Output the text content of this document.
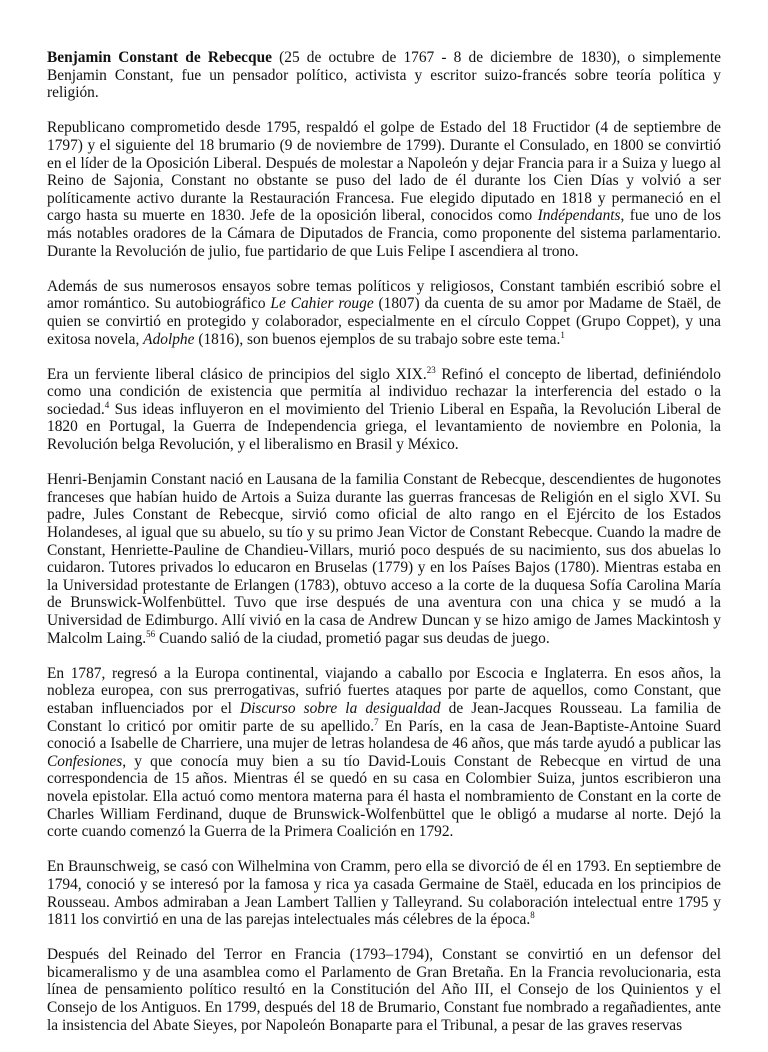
Benjamin Constant de Rebecque (25 de octubre de 1767 - 8 de diciembre de 1830), o simplemente Benjamin Constant, fue un pensador político, activista y escritor suizo-francés sobre teoría política y religión.

Republicano comprometido desde 1795, respaldó el golpe de Estado del 18 Fructidor (4 de septiembre de 1797) y el siguiente del 18 brumario (9 de noviembre de 1799). Durante el Consulado, en 1800 se convirtió en el líder de la Oposición Liberal. Después de molestar a Napoleón y dejar Francia para ir a Suiza y luego al Reino de Sajonia, Constant no obstante se puso del lado de él durante los Cien Días y volvió a ser políticamente activo durante la Restauración Francesa. Fue elegido diputado en 1818 y permaneció en el cargo hasta su muerte en 1830. Jefe de la oposición liberal, conocidos como Indépendants, fue uno de los más notables oradores de la Cámara de Diputados de Francia, como proponente del sistema parlamentario. Durante la Revolución de julio, fue partidario de que Luis Felipe I ascendiera al trono.

Además de sus numerosos ensayos sobre temas políticos y religiosos, Constant también escribió sobre el amor romántico. Su autobiográfico Le Cahier rouge (1807) da cuenta de su amor por Madame de Staël, de quien se convirtió en protegido y colaborador, especialmente en el círculo Coppet (Grupo Coppet), y una exitosa novela, Adolphe (1816), son buenos ejemplos de su trabajo sobre este tema.$^1$

Era un ferviente liberal clásico de principios del siglo XIX.$^{23}$ Refinó el concepto de libertad, definiéndolo como una condición de existencia que permitía al individuo rechazar la interferencia del estado o la sociedad.$^4$ Sus ideas influyeron en el movimiento del Trienio Liberal en España, la Revolución Liberal de 1820 en Portugal, la Guerra de Independencia griega, el levantamiento de noviembre en Polonia, la Revolución belga Revolución, y el liberalismo en Brasil y México.

Henri-Benjamin Constant nació en Lausana de la familia Constant de Rebecque, descendientes de hugonotes franceses que habían huido de Artois a Suiza durante las guerras francesas de Religión en el siglo XVI. Su padre, Jules Constant de Rebecque, sirvió como oficial de alto rango en el Ejército de los Estados Holandeses, al igual que su abuelo, su tío y su primo Jean Victor de Constant Rebecque. Cuando la madre de Constant, Henriette-Pauline de Chandieu-Villars, murió poco después de su nacimiento, sus dos abuelas lo cuidaron. Tutores privados lo educaron en Bruselas (1779) y en los Países Bajos (1780). Mientras estaba en la Universidad protestante de Erlangen (1783), obtuvo acceso a la corte de la duquesa Sofía Carolina María de Brunswick-Wolfenbüttel. Tuvo que irse después de una aventura con una chica y se mudó a la Universidad de Edimburgo. Allí vivió en la casa de Andrew Duncan y se hizo amigo de James Mackintosh y Malcolm Laing.$^{56}$ Cuando salió de la ciudad, prometió pagar sus deudas de juego.

En 1787, regresó a la Europa continental, viajando a caballo por Escocia e Inglaterra. En esos años, la nobleza europea, con sus prerrogativas, sufrió fuertes ataques por parte de aquellos, como Constant, que estaban influenciados por el Discurso sobre la desigualdad de Jean-Jacques Rousseau. La familia de Constant lo criticó por omitir parte de su apellido.$^7$ En París, en la casa de Jean-Baptiste-Antoine Suard conoció a Isabelle de Charriere, una mujer de letras holandesa de 46 años, que más tarde ayudó a publicar las Confesiones, y que conocía muy bien a su tío David-Louis Constant de Rebecque en virtud de una correspondencia de 15 años. Mientras él se quedó en su casa en Colombier Suiza, juntos escribieron una novela epistolar. Ella actuó como mentora materna para él hasta el nombramiento de Constant en la corte de Charles William Ferdinand, duque de Brunswick-Wolfenbüttel que le obligó a mudarse al norte. Dejó la corte cuando comenzó la Guerra de la Primera Coalición en 1792.

En Braunschweig, se casó con Wilhelmina von Cramm, pero ella se divorció de él en 1793. En septiembre de 1794, conoció y se interesó por la famosa y rica ya casada Germaine de Staël, educada en los principios de Rousseau. Ambos admiraban a Jean Lambert Tallien y Talleyrand. Su colaboración intelectual entre 1795 y 1811 los convirtió en una de las parejas intelectuales más célebres de la época.$^8$

Después del Reinado del Terror en Francia (1793–1794), Constant se convirtió en un defensor del bicameralismo y de una asamblea como el Parlamento de Gran Bretaña. En la Francia revolucionaria, esta línea de pensamiento político resultó en la Constitución del Año III, el Consejo de los Quinientos y el Consejo de los Antiguos. En 1799, después del 18 de Brumario, Constant fue nombrado a regañadientes, ante la insistencia del Abate Sieyes, por Napoleón Bonaparte para el Tribunal, a pesar de las graves reservas
